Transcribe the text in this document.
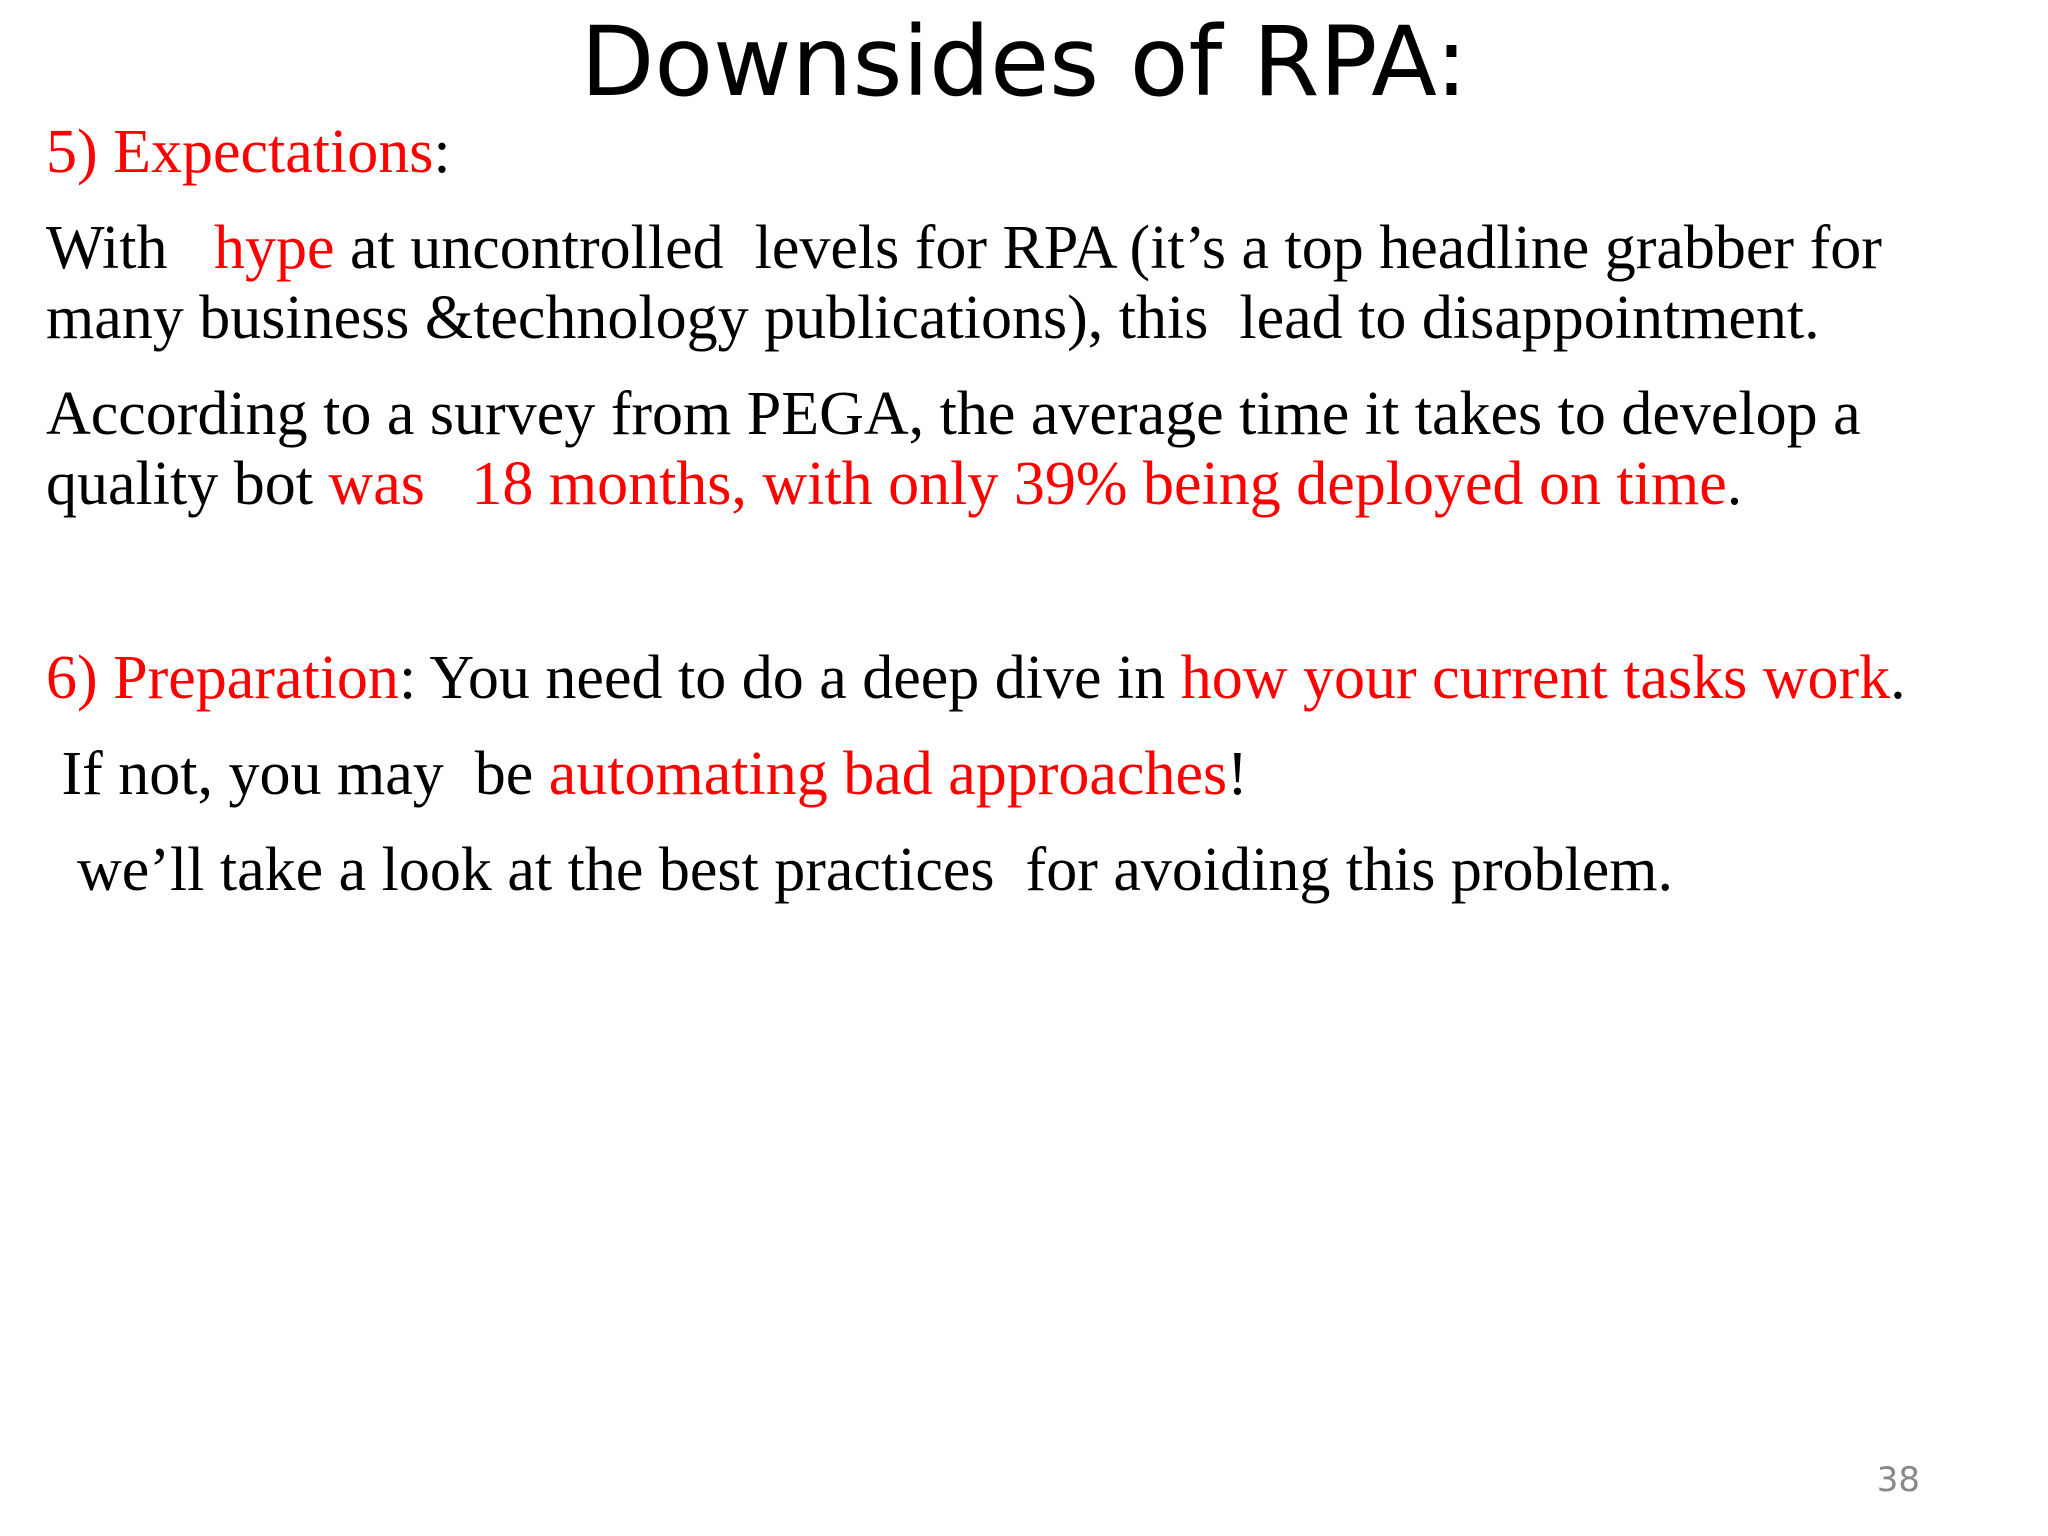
Downsides of RPA:
5) Expectations:
With   hype at uncontrolled  levels for RPA (it’s a top headline grabber for
many business &technology publications), this  lead to disappointment.
According to a survey from PEGA, the average time it takes to develop a
quality bot was   18 months, with only 39% being deployed on time.
6) Preparation: You need to do a deep dive in how your current tasks work.
If not, you may  be automating bad approaches!
we’ll take a look at the best practices  for avoiding this problem.
38
